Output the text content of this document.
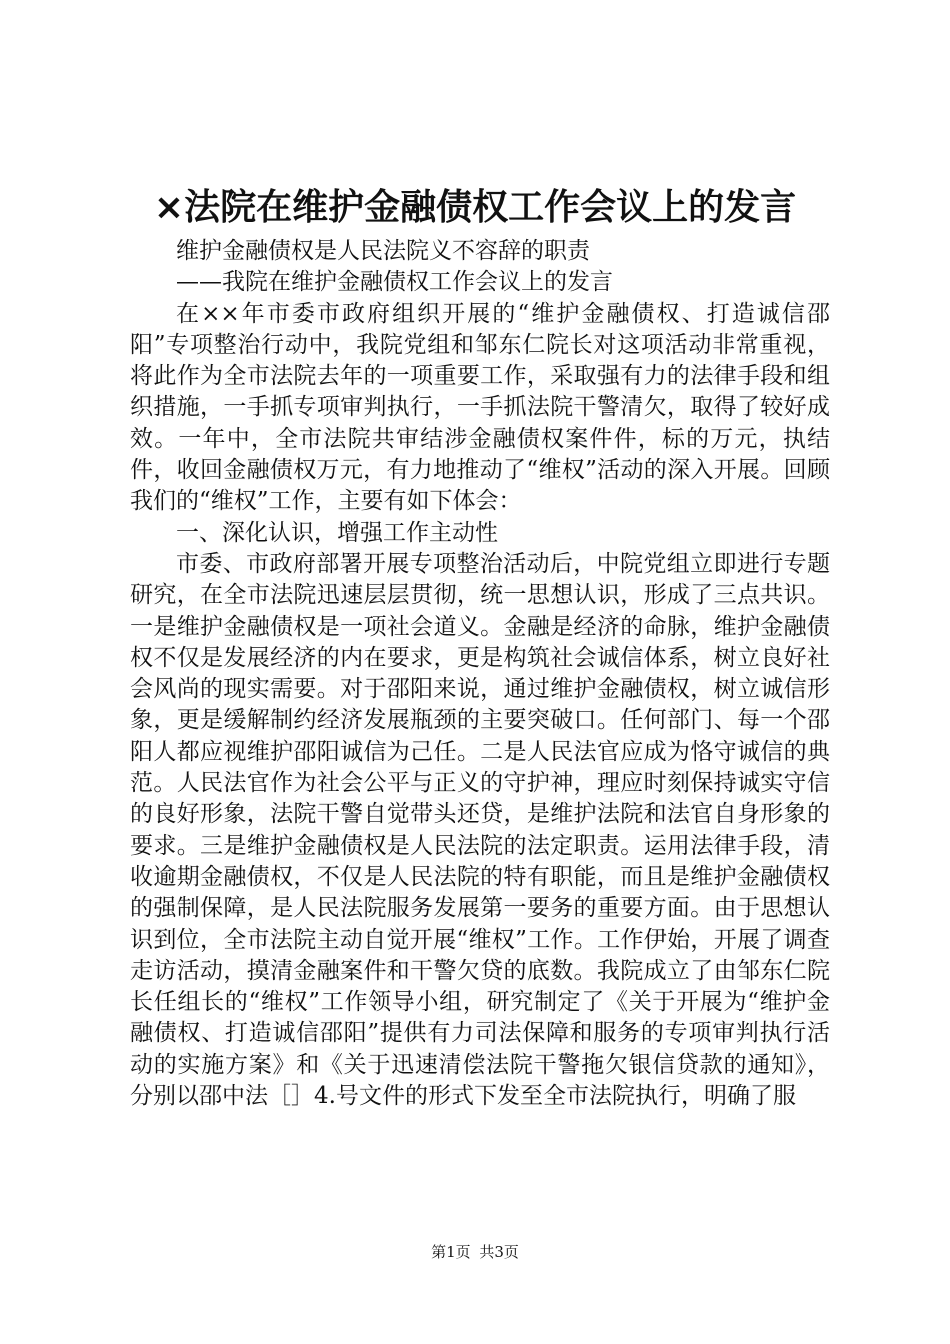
×法院在维护金融债权工作会议上的发言

维护金融债权是人民法院义不容辞的职责

——我院在维护金融债权工作会议上的发言

在××年市委市政府组织开展的“维护金融债权、打造诚信邵阳”专项整治行动中，我院党组和邹东仁院长对这项活动非常重视，将此作为全市法院去年的一项重要工作，采取强有力的法律手段和组织措施，一手抓专项审判执行，一手抓法院干警清欠，取得了较好成效。一年中，全市法院共审结涉金融债权案件件，标的万元，执结件，收回金融债权万元，有力地推动了“维权”活动的深入开展。回顾我们的“维权”工作，主要有如下体会：

一、深化认识，增强工作主动性

市委、市政府部署开展专项整治活动后，中院党组立即进行专题研究，在全市法院迅速层层贯彻，统一思想认识，形成了三点共识。一是维护金融债权是一项社会道义。金融是经济的命脉，维护金融债权不仅是发展经济的内在要求，更是构筑社会诚信体系，树立良好社会风尚的现实需要。对于邵阳来说，通过维护金融债权，树立诚信形象，更是缓解制约经济发展瓶颈的主要突破口。任何部门、每一个邵阳人都应视维护邵阳诚信为己任。二是人民法官应成为恪守诚信的典范。人民法官作为社会公平与正义的守护神，理应时刻保持诚实守信的良好形象，法院干警自觉带头还贷，是维护法院和法官自身形象的要求。三是维护金融债权是人民法院的法定职责。运用法律手段，清收逾期金融债权，不仅是人民法院的特有职能，而且是维护金融债权的强制保障，是人民法院服务发展第一要务的重要方面。由于思想认识到位，全市法院主动自觉开展“维权”工作。工作伊始，开展了调查走访活动，摸清金融案件和干警欠贷的底数。我院成立了由邹东仁院长任组长的“维权”工作领导小组，研究制定了《关于开展为“维护金融债权、打造诚信邵阳”提供有力司法保障和服务的专项审判执行活动的实施方案》和《关于迅速清偿法院干警拖欠银信贷款的通知》，分别以邵中法［］4.号文件的形式下发至全市法院执行，明确了服

第1页 共3页
